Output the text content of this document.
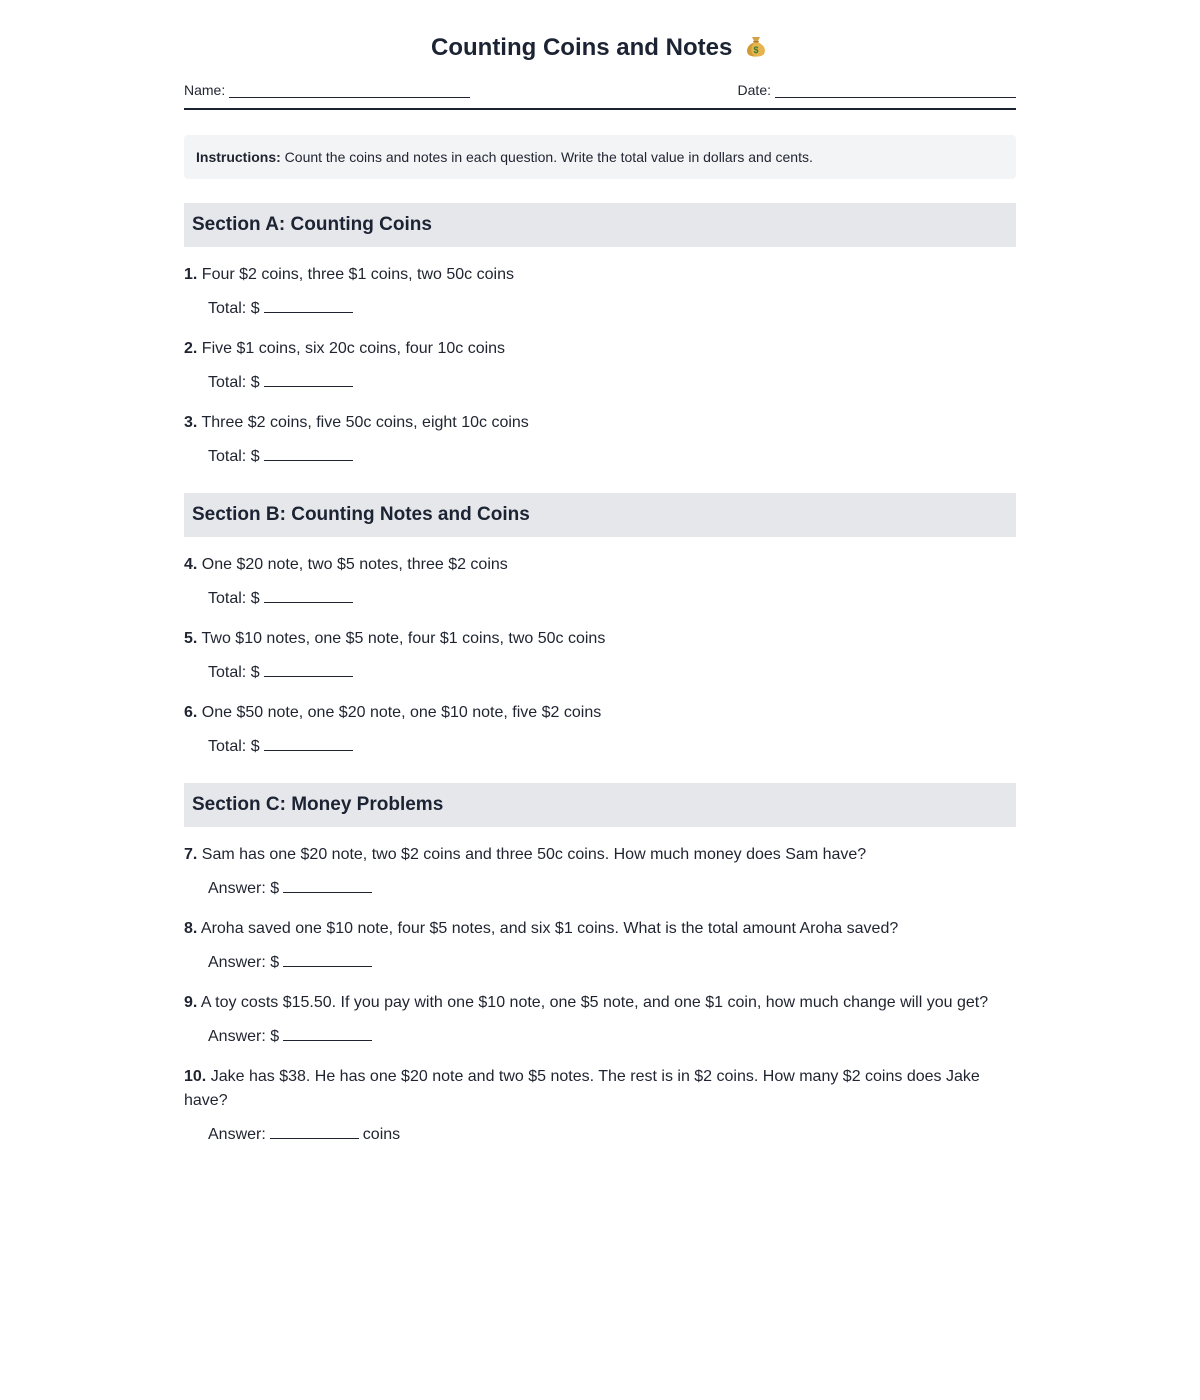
Counting Coins and Notes $
Name:	Date:
Instructions: Count the coins and notes in each question. Write the total value in dollars and cents.
Section A: Counting Coins
1. Four $2 coins, three $1 coins, two 50c coins
Total: $
2. Five $1 coins, six 20c coins, four 10c coins
Total: $
3. Three $2 coins, five 50c coins, eight 10c coins
Total: $
Section B: Counting Notes and Coins
4. One $20 note, two $5 notes, three $2 coins
Total: $
5. Two $10 notes, one $5 note, four $1 coins, two 50c coins
Total: $
6. One $50 note, one $20 note, one $10 note, five $2 coins
Total: $
Section C: Money Problems
7. Sam has one $20 note, two $2 coins and three 50c coins. How much money does Sam have?
Answer: $
8. Aroha saved one $10 note, four $5 notes, and six $1 coins. What is the total amount Aroha saved?
Answer: $
9. A toy costs $15.50. If you pay with one $10 note, one $5 note, and one $1 coin, how much change will you get?
Answer: $
10. Jake has $38. He has one $20 note and two $5 notes. The rest is in $2 coins. How many $2 coins does Jake have?
Answer:	coins
